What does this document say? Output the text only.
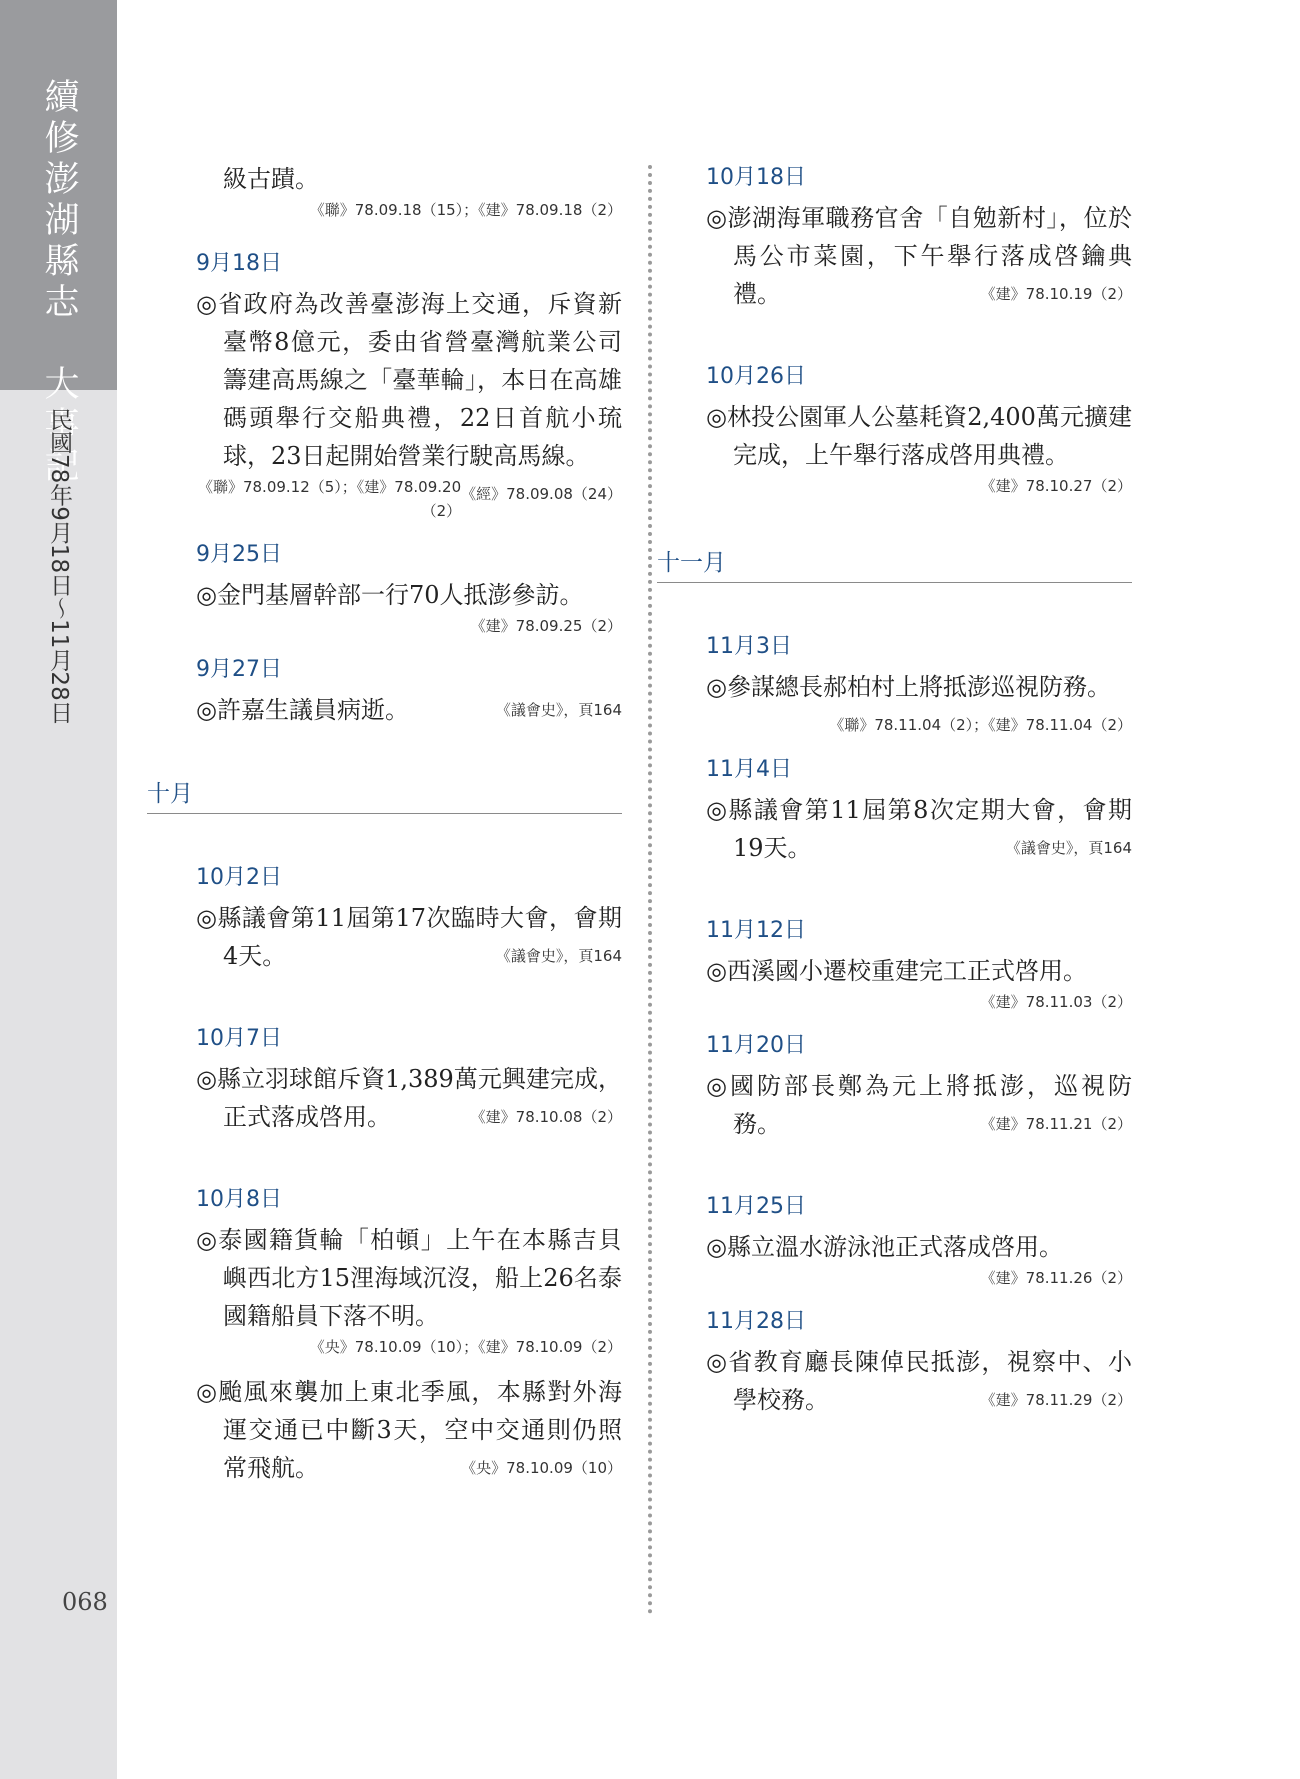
續修澎湖縣志　大事記
民國78年9月18日～11月28日
068
級古蹟。
《聯》78.09.18（15）；《建》78.09.18（2）
9月18日
◎省政府為改善臺澎海上交通，斥資新臺幣8億元，委由省營臺灣航業公司籌建高馬線之「臺華輪」，本日在高雄碼頭舉行交船典禮，22日首航小琉球，23日起開始營業行駛高馬線。
《經》78.09.08（24）
《聯》78.09.12（5）；《建》78.09.20（2）
9月25日
◎金門基層幹部一行70人抵澎參訪。
《建》78.09.25（2）
9月27日
◎許嘉生議員病逝。	《議會史》，頁164
十月
10月2日
◎縣議會第11屆第17次臨時大會，會期4天。	《議會史》，頁164
10月7日
◎縣立羽球館斥資1,389萬元興建完成，正式落成啓用。	《建》78.10.08（2）
10月8日
◎泰國籍貨輪「柏頓」上午在本縣吉貝嶼西北方15浬海域沉沒，船上26名泰國籍船員下落不明。
《央》78.10.09（10）；《建》78.10.09（2）
◎颱風來襲加上東北季風，本縣對外海運交通已中斷3天，空中交通則仍照常飛航。	《央》78.10.09（10）
10月18日
◎澎湖海軍職務官舍「自勉新村」，位於馬公市菜園，下午舉行落成啓鑰典禮。	《建》78.10.19（2）
10月26日
◎林投公園軍人公墓耗資2,400萬元擴建完成，上午舉行落成啓用典禮。
《建》78.10.27（2）
十一月
11月3日
◎參謀總長郝柏村上將抵澎巡視防務。
《聯》78.11.04（2）；《建》78.11.04（2）
11月4日
◎縣議會第11屆第8次定期大會，會期19天。	《議會史》，頁164
11月12日
◎西溪國小遷校重建完工正式啓用。
《建》78.11.03（2）
11月20日
◎國防部長鄭為元上將抵澎，巡視防務。	《建》78.11.21（2）
11月25日
◎縣立溫水游泳池正式落成啓用。
《建》78.11.26（2）
11月28日
◎省教育廳長陳倬民抵澎，視察中、小學校務。	《建》78.11.29（2）
